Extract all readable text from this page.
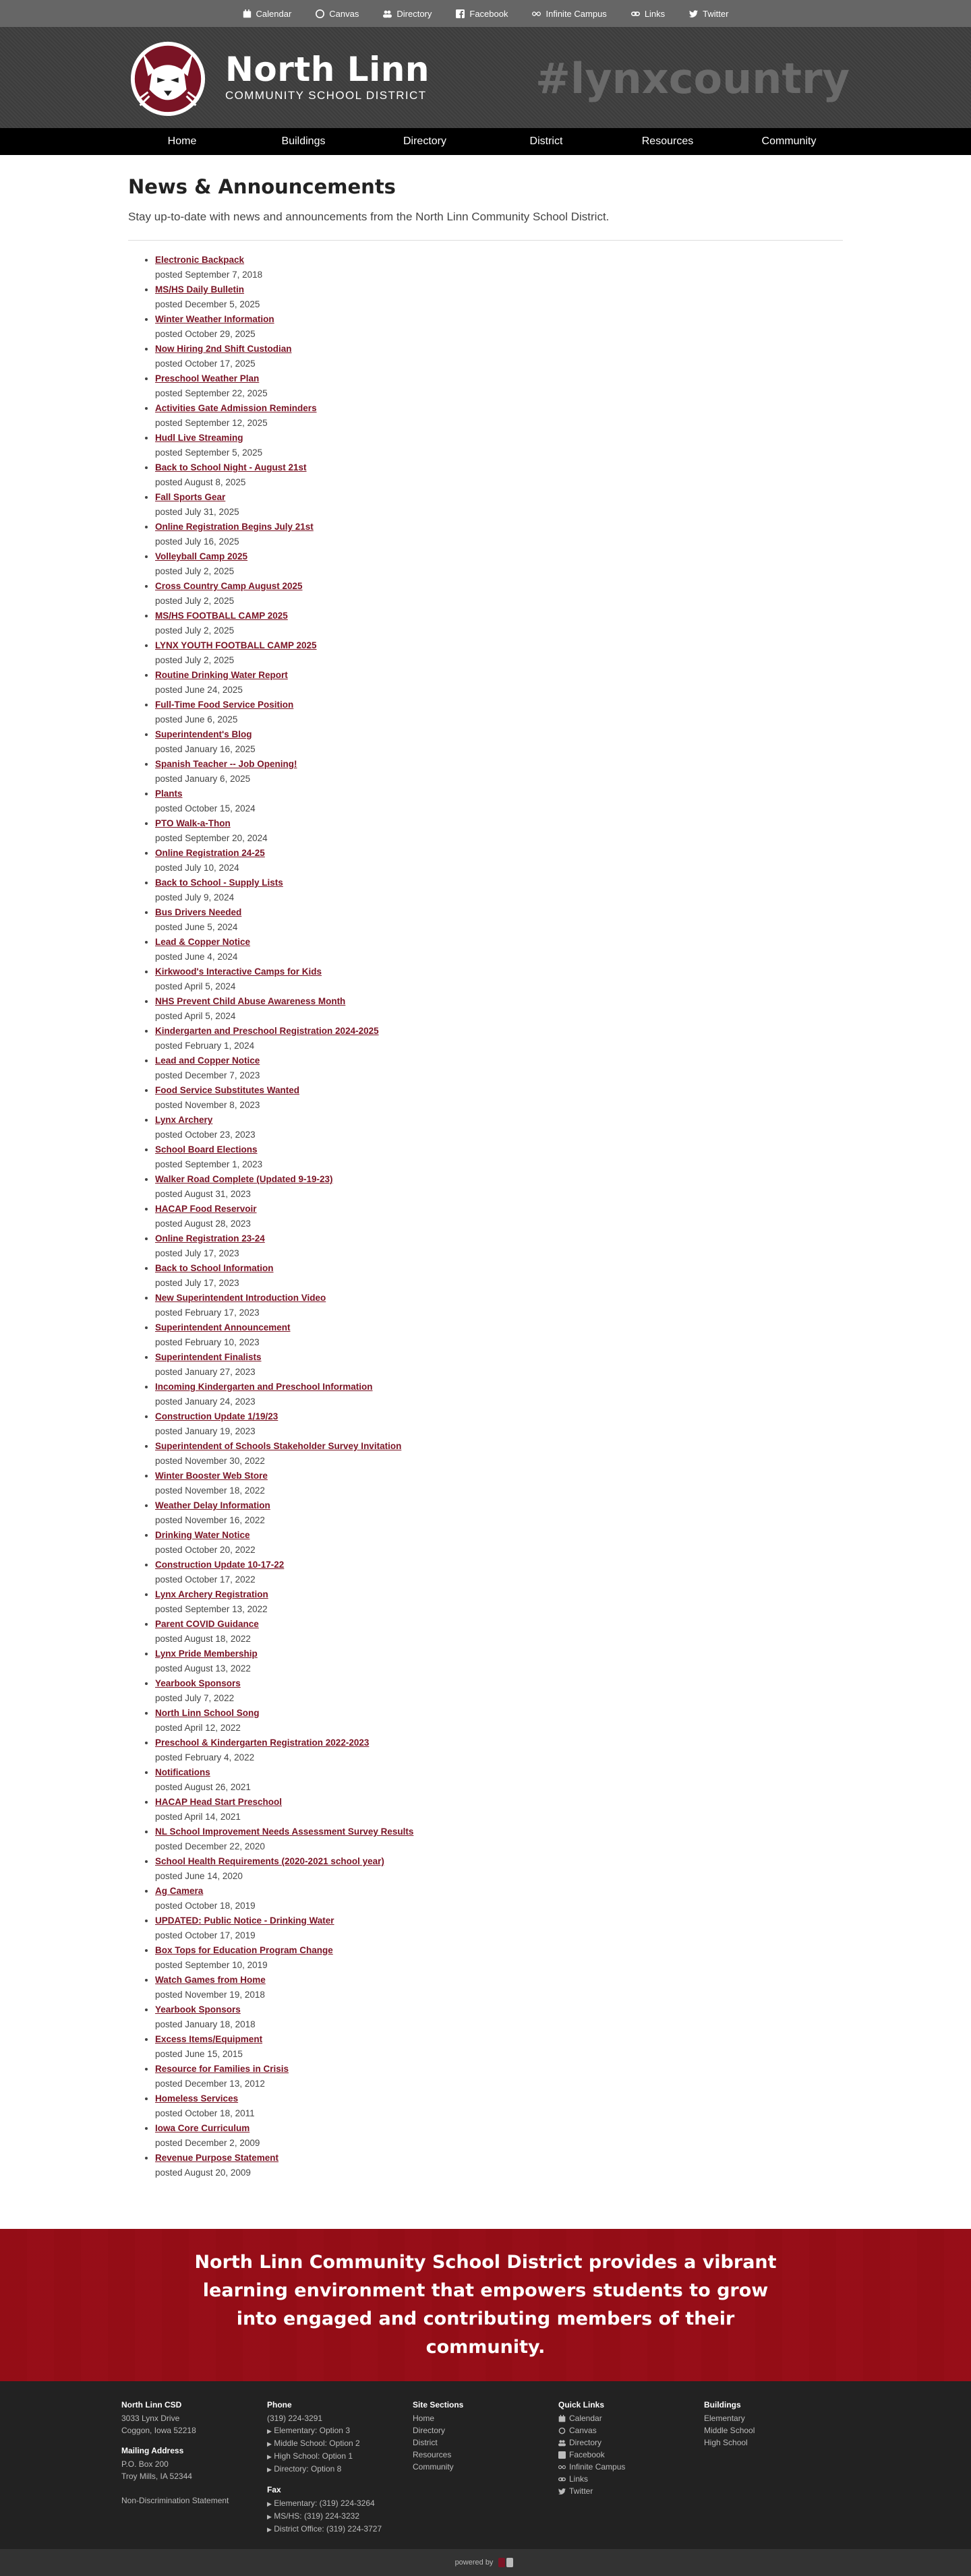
Calendar	Canvas	Directory	Facebook	Infinite Campus	Links	Twitter
North Linn
COMMUNITY SCHOOL DISTRICT	#lynxcountry
Home	Buildings	Directory	District	Resources	Community
News & Announcements

Stay up-to-date with news and announcements from the North Linn Community School District.

• Electronic Backpack
posted September 7, 2018
• MS/HS Daily Bulletin
posted December 5, 2025
• Winter Weather Information
posted October 29, 2025
• Now Hiring 2nd Shift Custodian
posted October 17, 2025
• Preschool Weather Plan
posted September 22, 2025
• Activities Gate Admission Reminders
posted September 12, 2025
• Hudl Live Streaming
posted September 5, 2025
• Back to School Night - August 21st
posted August 8, 2025
• Fall Sports Gear
posted July 31, 2025
• Online Registration Begins July 21st
posted July 16, 2025
• Volleyball Camp 2025
posted July 2, 2025
• Cross Country Camp August 2025
posted July 2, 2025
• MS/HS FOOTBALL CAMP 2025
posted July 2, 2025
• LYNX YOUTH FOOTBALL CAMP 2025
posted July 2, 2025
• Routine Drinking Water Report
posted June 24, 2025
• Full-Time Food Service Position
posted June 6, 2025
• Superintendent's Blog
posted January 16, 2025
• Spanish Teacher -- Job Opening!
posted January 6, 2025
• Plants
posted October 15, 2024
• PTO Walk-a-Thon
posted September 20, 2024
• Online Registration 24-25
posted July 10, 2024
• Back to School - Supply Lists
posted July 9, 2024
• Bus Drivers Needed
posted June 5, 2024
• Lead & Copper Notice
posted June 4, 2024
• Kirkwood's Interactive Camps for Kids
posted April 5, 2024
• NHS Prevent Child Abuse Awareness Month
posted April 5, 2024
• Kindergarten and Preschool Registration 2024-2025
posted February 1, 2024
• Lead and Copper Notice
posted December 7, 2023
• Food Service Substitutes Wanted
posted November 8, 2023
• Lynx Archery
posted October 23, 2023
• School Board Elections
posted September 1, 2023
• Walker Road Complete (Updated 9-19-23)
posted August 31, 2023
• HACAP Food Reservoir
posted August 28, 2023
• Online Registration 23-24
posted July 17, 2023
• Back to School Information
posted July 17, 2023
• New Superintendent Introduction Video
posted February 17, 2023
• Superintendent Announcement
posted February 10, 2023
• Superintendent Finalists
posted January 27, 2023
• Incoming Kindergarten and Preschool Information
posted January 24, 2023
• Construction Update 1/19/23
posted January 19, 2023
• Superintendent of Schools Stakeholder Survey Invitation
posted November 30, 2022
• Winter Booster Web Store
posted November 18, 2022
• Weather Delay Information
posted November 16, 2022
• Drinking Water Notice
posted October 20, 2022
• Construction Update 10-17-22
posted October 17, 2022
• Lynx Archery Registration
posted September 13, 2022
• Parent COVID Guidance
posted August 18, 2022
• Lynx Pride Membership
posted August 13, 2022
• Yearbook Sponsors
posted July 7, 2022
• North Linn School Song
posted April 12, 2022
• Preschool & Kindergarten Registration 2022-2023
posted February 4, 2022
• Notifications
posted August 26, 2021
• HACAP Head Start Preschool
posted April 14, 2021
• NL School Improvement Needs Assessment Survey Results
posted December 22, 2020
• School Health Requirements (2020-2021 school year)
posted June 14, 2020
• Ag Camera
posted October 18, 2019
• UPDATED: Public Notice - Drinking Water
posted October 17, 2019
• Box Tops for Education Program Change
posted September 10, 2019
• Watch Games from Home
posted November 19, 2018
• Yearbook Sponsors
posted January 18, 2018
• Excess Items/Equipment
posted June 15, 2015
• Resource for Families in Crisis
posted December 13, 2012
• Homeless Services
posted October 18, 2011
• Iowa Core Curriculum
posted December 2, 2009
• Revenue Purpose Statement
posted August 20, 2009

North Linn Community School District provides a vibrant learning environment that empowers students to grow into engaged and contributing members of their community.

North Linn CSD
3033 Lynx Drive
Coggon, Iowa 52218
Mailing Address
P.O. Box 200
Troy Mills, IA 52344
Non-Discrimination Statement
Phone
(319) 224-3291
▶ Elementary: Option 3
▶ Middle School: Option 2
▶ High School: Option 1
▶ Directory: Option 8
Fax
▶ Elementary: (319) 224-3264
▶ MS/HS: (319) 224-3232
▶ District Office: (319) 224-3727
Site Sections
Home
Directory
District
Resources
Community
Quick Links
Calendar
Canvas
Directory
Facebook
Infinite Campus
Links
Twitter
Buildings
Elementary
Middle School
High School
powered by
